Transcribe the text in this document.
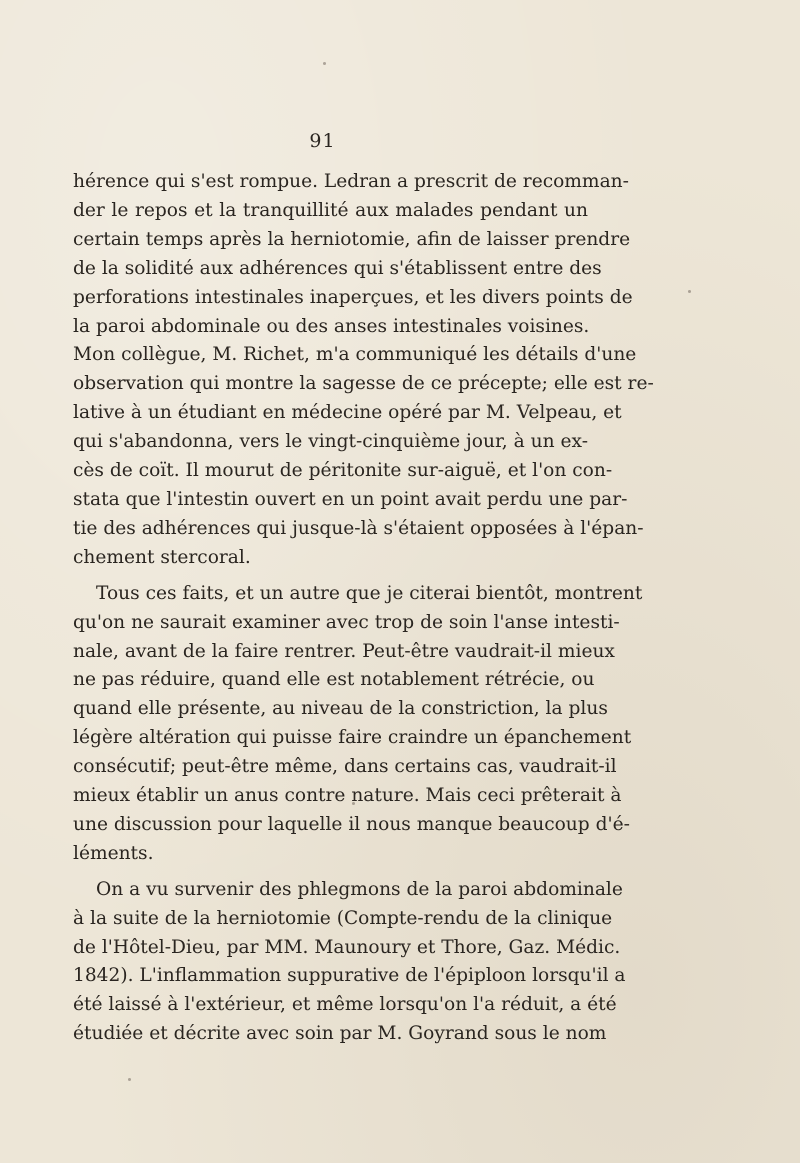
91
hérence qui s'est rompue. Ledran a prescrit de recomman-
der le repos et la tranquillité aux malades pendant un
certain temps après la herniotomie, afin de laisser prendre
de la solidité aux adhérences qui s'établissent entre des
perforations intestinales inaperçues, et les divers points de
la paroi abdominale ou des anses intestinales voisines.
Mon collègue, M. Richet, m'a communiqué les détails d'une
observation qui montre la sagesse de ce précepte; elle est re-
lative à un étudiant en médecine opéré par M. Velpeau, et
qui s'abandonna, vers le vingt-cinquième jour, à un ex-
cès de coït. Il mourut de péritonite sur-aiguë, et l'on con-
stata que l'intestin ouvert en un point avait perdu une par-
tie des adhérences qui jusque-là s'étaient opposées à l'épan-
chement stercoral.
Tous ces faits, et un autre que je citerai bientôt, montrent
qu'on ne saurait examiner avec trop de soin l'anse intesti-
nale, avant de la faire rentrer. Peut-être vaudrait-il mieux
ne pas réduire, quand elle est notablement rétrécie, ou
quand elle présente, au niveau de la constriction, la plus
légère altération qui puisse faire craindre un épanchement
consécutif; peut-être même, dans certains cas, vaudrait-il
mieux établir un anus contre nature. Mais ceci prêterait à
une discussion pour laquelle il nous manque beaucoup d'é-
léments.
On a vu survenir des phlegmons de la paroi abdominale
à la suite de la herniotomie (Compte-rendu de la clinique
de l'Hôtel-Dieu, par MM. Maunoury et Thore, Gaz. Médic.
1842). L'inflammation suppurative de l'épiploon lorsqu'il a
été laissé à l'extérieur, et même lorsqu'on l'a réduit, a été
étudiée et décrite avec soin par M. Goyrand sous le nom
